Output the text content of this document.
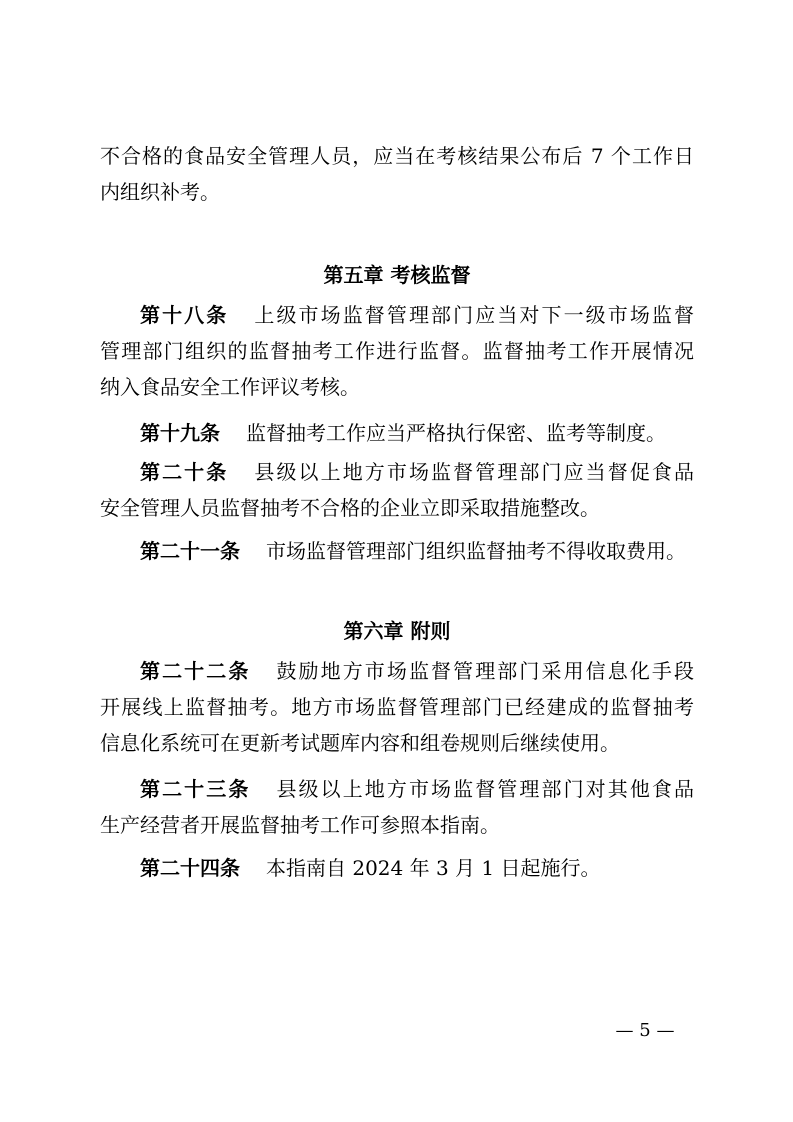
不合格的食品安全管理人员，应当在考核结果公布后 7 个工作日
内组织补考。
第五章 考核监督
第十八条 上级市场监督管理部门应当对下一级市场监督
管理部门组织的监督抽考工作进行监督。监督抽考工作开展情况
纳入食品安全工作评议考核。
第十九条 监督抽考工作应当严格执行保密、监考等制度。
第二十条 县级以上地方市场监督管理部门应当督促食品
安全管理人员监督抽考不合格的企业立即采取措施整改。
第二十一条 市场监督管理部门组织监督抽考不得收取费用。
第六章 附则
第二十二条 鼓励地方市场监督管理部门采用信息化手段
开展线上监督抽考。地方市场监督管理部门已经建成的监督抽考
信息化系统可在更新考试题库内容和组卷规则后继续使用。
第二十三条 县级以上地方市场监督管理部门对其他食品
生产经营者开展监督抽考工作可参照本指南。
第二十四条 本指南自 2024 年 3 月 1 日起施行。
— 5 —
